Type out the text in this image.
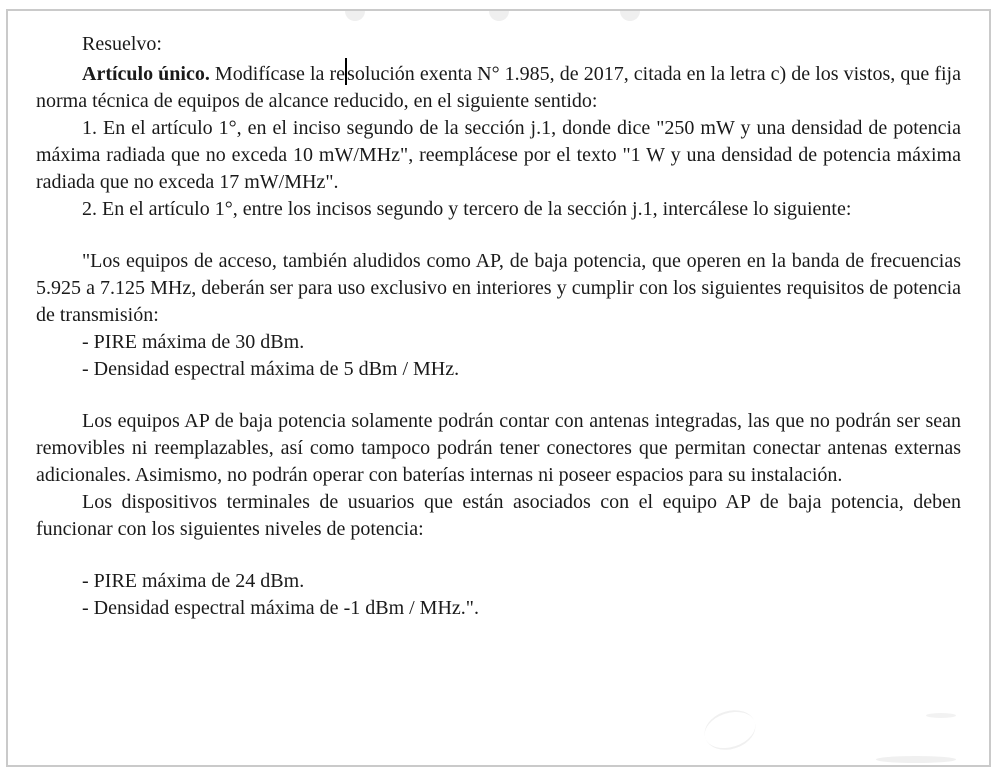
Resuelvo:

Artículo único. Modifícase la re solución exenta N° 1.985, de 2017, citada en la letra c) de los vistos, que fija norma técnica de equipos de alcance reducido, en el siguiente sentido:

1. En el artículo 1°, en el inciso segundo de la sección j.1, donde dice "250 mW y una densidad de potencia máxima radiada que no exceda 10 mW/MHz", reemplácese por el texto "1 W y una densidad de potencia máxima radiada que no exceda 17 mW/MHz".

2. En el artículo 1°, entre los incisos segundo y tercero de la sección j.1, intercálese lo siguiente:

"Los equipos de acceso, también aludidos como AP, de baja potencia, que operen en la banda de frecuencias 5.925 a 7.125 MHz, deberán ser para uso exclusivo en interiores y cumplir con los siguientes requisitos de potencia de transmisión:

- PIRE máxima de 30 dBm.

- Densidad espectral máxima de 5 dBm / MHz.

Los equipos AP de baja potencia solamente podrán contar con antenas integradas, las que no podrán ser sean removibles ni reemplazables, así como tampoco podrán tener conectores que permitan conectar antenas externas adicionales. Asimismo, no podrán operar con baterías internas ni poseer espacios para su instalación.

Los dispositivos terminales de usuarios que están asociados con el equipo AP de baja potencia, deben funcionar con los siguientes niveles de potencia:

- PIRE máxima de 24 dBm.

- Densidad espectral máxima de -1 dBm / MHz.".
